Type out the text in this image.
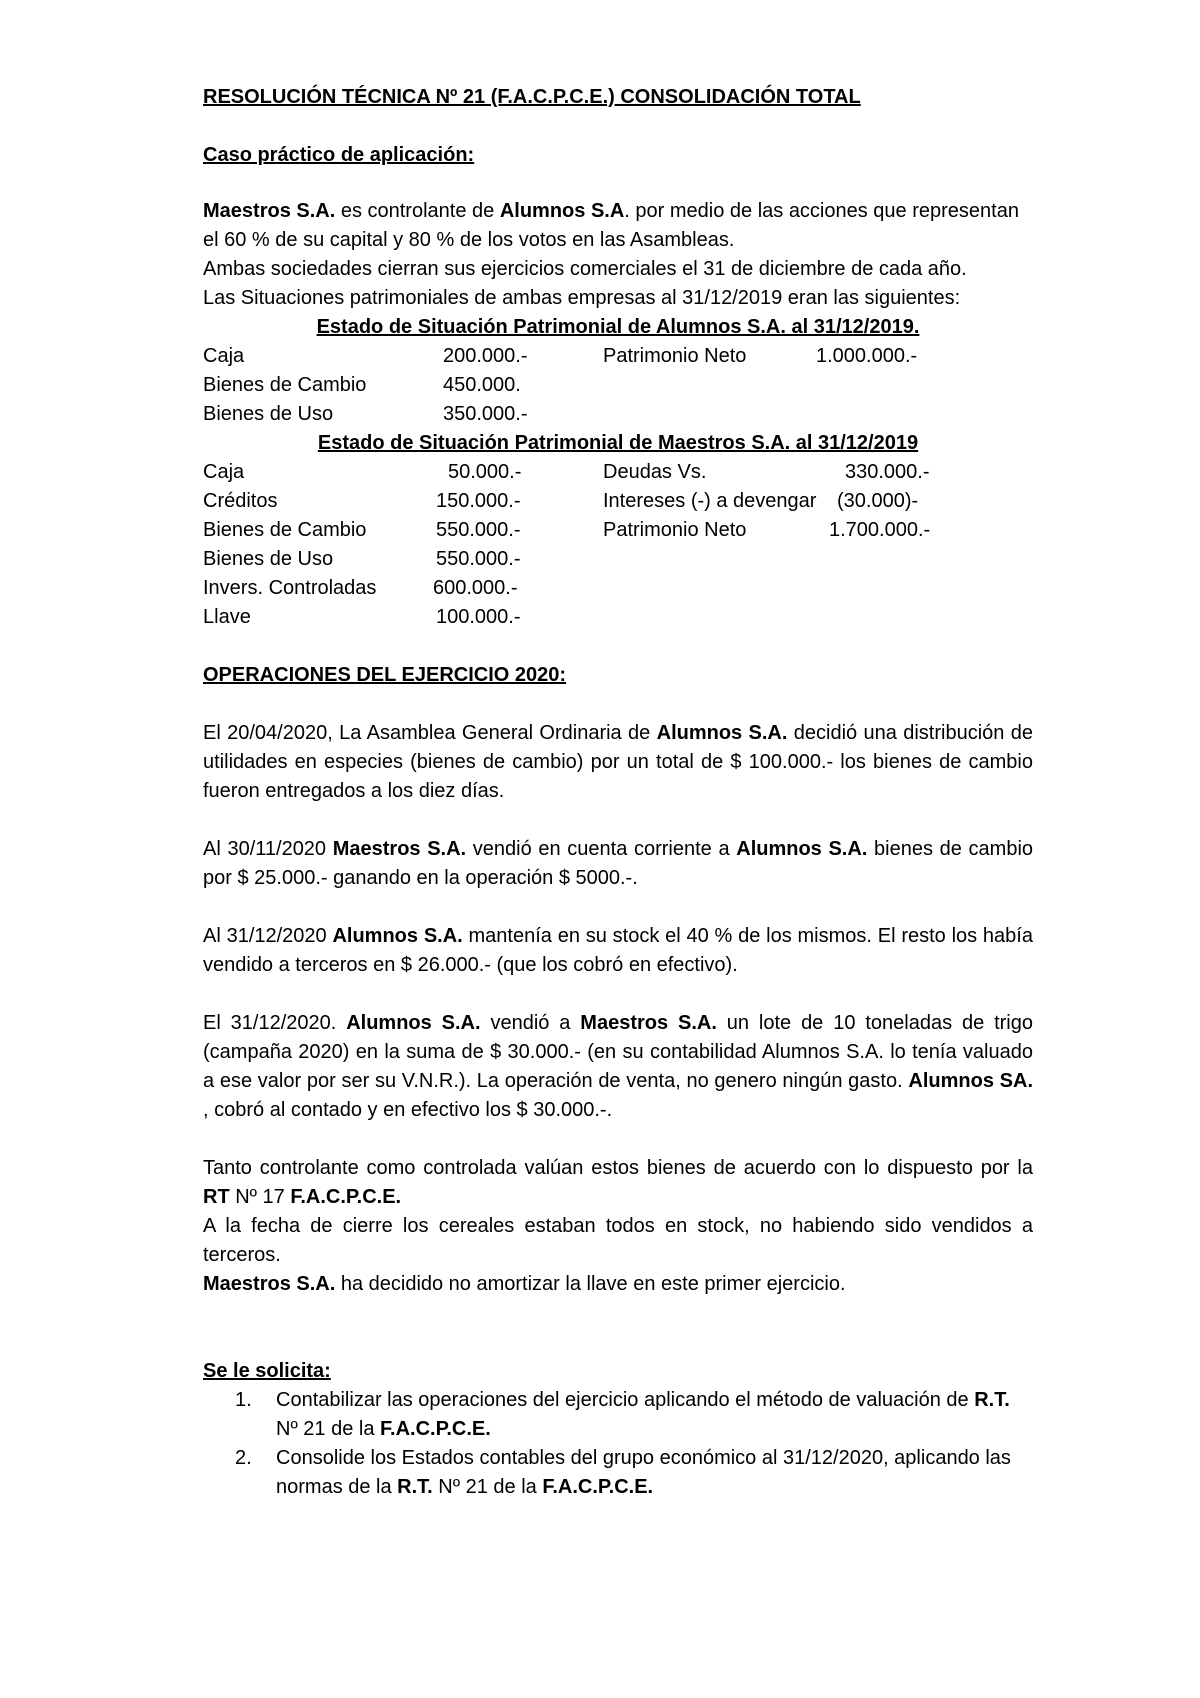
RESOLUCIÓN TÉCNICA Nº 21 (F.A.C.P.C.E.) CONSOLIDACIÓN TOTAL

Caso práctico de aplicación:

Maestros S.A. es controlante de Alumnos S.A. por medio de las acciones que representan

el 60 % de su capital y 80 % de los votos en las Asambleas.

Ambas sociedades cierran sus ejercicios comerciales el 31 de diciembre de cada año.

Las Situaciones patrimoniales de ambas empresas al 31/12/2019 eran las siguientes:

Estado de Situación Patrimonial de Alumnos S.A. al 31/12/2019.

Caja	200.000.-	Patrimonio Neto	1.000.000.-
Bienes de Cambio	450.000.
Bienes de Uso	350.000.-

Estado de Situación Patrimonial de Maestros S.A. al 31/12/2019

Caja	50.000.-	Deudas Vs.	330.000.-
Créditos	150.000.-	Intereses (-) a devengar (30.000)-
Bienes de Cambio	550.000.-	Patrimonio Neto	1.700.000.-
Bienes de Uso	550.000.-
Invers. Controladas	600.000.-
Llave	100.000.-

OPERACIONES DEL EJERCICIO 2020:

El 20/04/2020, La Asamblea General Ordinaria de Alumnos S.A. decidió una distribución de utilidades en especies (bienes de cambio) por un total de $ 100.000.- los bienes de cambio fueron entregados a los diez días.

Al 30/11/2020 Maestros S.A. vendió en cuenta corriente a Alumnos S.A. bienes de cambio por $ 25.000.- ganando en la operación $ 5000.-.

Al 31/12/2020 Alumnos S.A. mantenía en su stock el 40 % de los mismos. El resto los había vendido a terceros en $ 26.000.- (que los cobró en efectivo).

El 31/12/2020. Alumnos S.A. vendió a Maestros S.A. un lote de 10 toneladas de trigo (campaña 2020) en la suma de $ 30.000.- (en su contabilidad Alumnos S.A. lo tenía valuado a ese valor por ser su V.N.R.). La operación de venta, no genero ningún gasto. Alumnos SA. , cobró al contado y en efectivo los $ 30.000.-.

Tanto controlante como controlada valúan estos bienes de acuerdo con lo dispuesto por la RT Nº 17 F.A.C.P.C.E.

A la fecha de cierre los cereales estaban todos en stock, no habiendo sido vendidos a terceros.

Maestros S.A. ha decidido no amortizar la llave en este primer ejercicio.

Se le solicita:

1. Contabilizar las operaciones del ejercicio aplicando el método de valuación de R.T. Nº 21 de la F.A.C.P.C.E.
2. Consolide los Estados contables del grupo económico al 31/12/2020, aplicando las normas de la R.T. Nº 21 de la F.A.C.P.C.E.
